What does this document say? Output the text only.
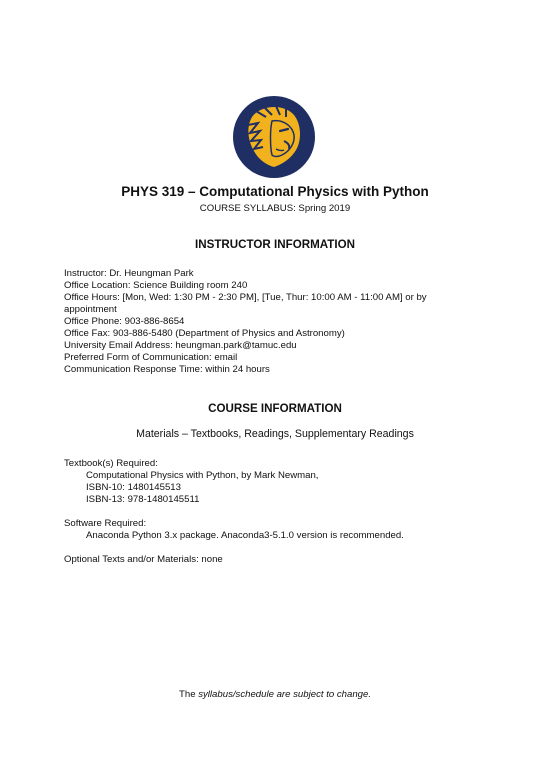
PHYS 319 – Computational Physics with Python
COURSE SYLLABUS: Spring 2019
INSTRUCTOR INFORMATION
Instructor: Dr. Heungman Park
Office Location: Science Building room 240
Office Hours: [Mon, Wed: 1:30 PM - 2:30 PM], [Tue, Thur: 10:00 AM - 11:00 AM] or by
appointment
Office Phone: 903-886-8654
Office Fax: 903-886-5480 (Department of Physics and Astronomy)
University Email Address: heungman.park@tamuc.edu
Preferred Form of Communication: email
Communication Response Time: within 24 hours
COURSE INFORMATION
Materials – Textbooks, Readings, Supplementary Readings
Textbook(s) Required:
Computational Physics with Python, by Mark Newman,
ISBN-10: 1480145513
ISBN-13: 978-1480145511
Software Required:
Anaconda Python 3.x package. Anaconda3-5.1.0 version is recommended.
Optional Texts and/or Materials: none
The syllabus/schedule are subject to change.
